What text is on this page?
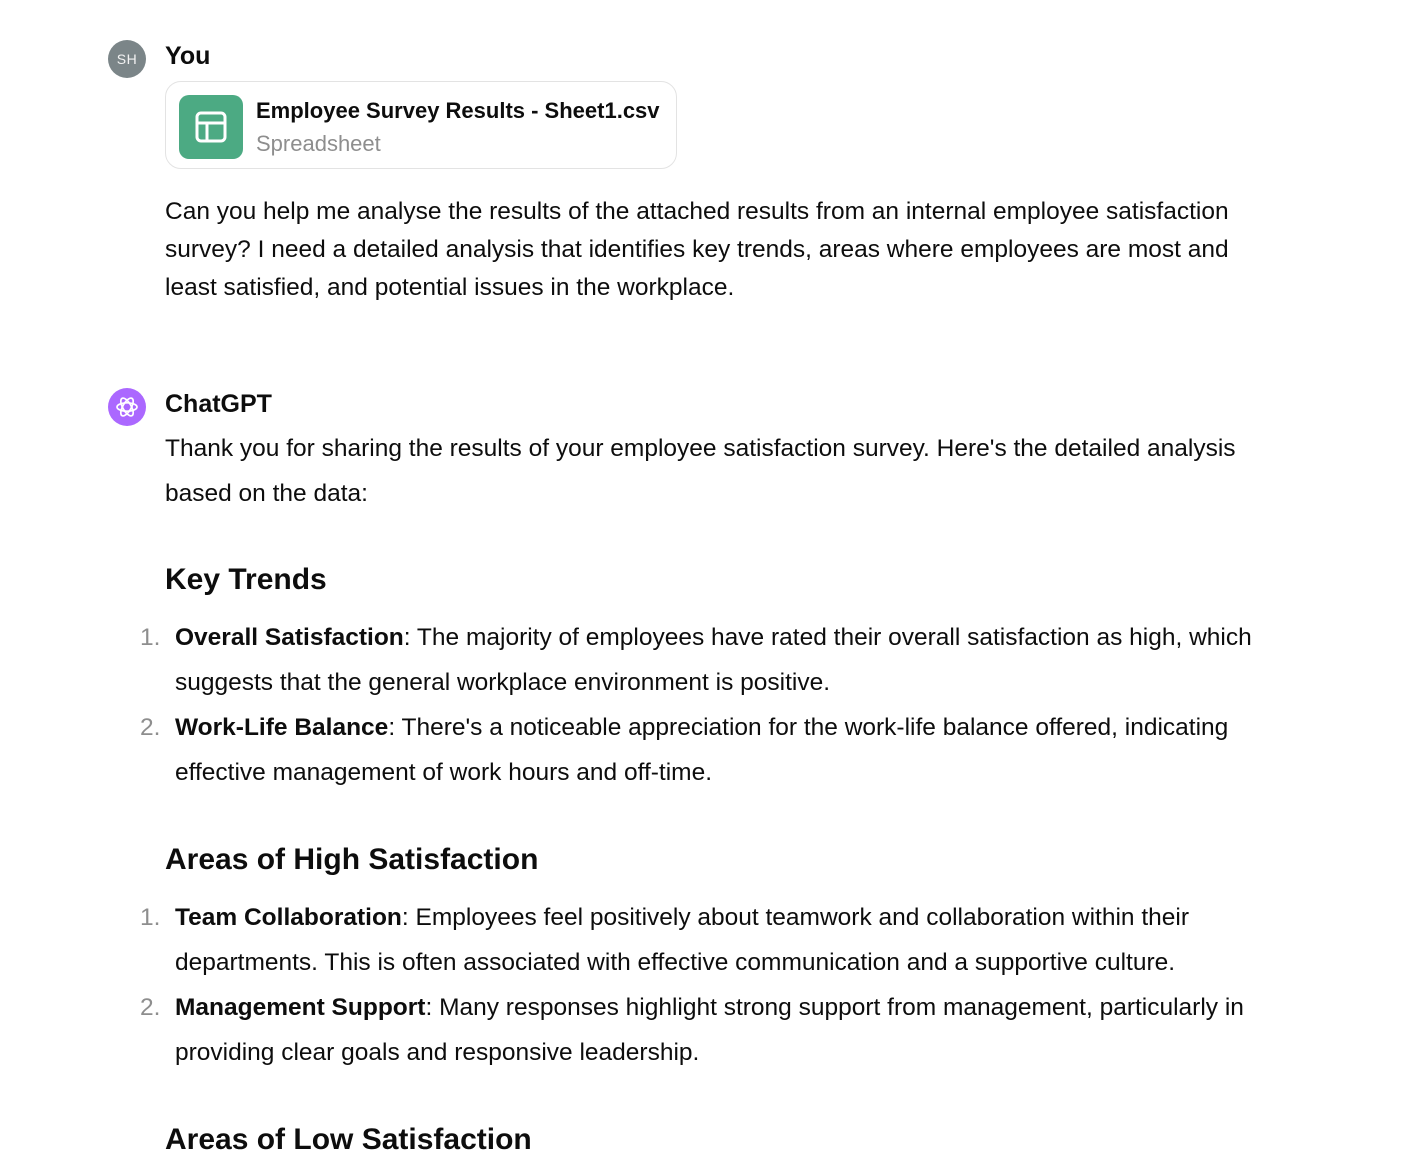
SH You
Employee Survey Results - Sheet1.csv
Spreadsheet

Can you help me analyse the results of the attached results from an internal employee satisfaction survey? I need a detailed analysis that identifies key trends, areas where employees are most and least satisfied, and potential issues in the workplace.

ChatGPT

Thank you for sharing the results of your employee satisfaction survey. Here's the detailed analysis based on the data:

Key Trends
1. Overall Satisfaction: The majority of employees have rated their overall satisfaction as high, which suggests that the general workplace environment is positive.
2. Work-Life Balance: There's a noticeable appreciation for the work-life balance offered, indicating effective management of work hours and off-time.
Areas of High Satisfaction
1. Team Collaboration: Employees feel positively about teamwork and collaboration within their departments. This is often associated with effective communication and a supportive culture.
2. Management Support: Many responses highlight strong support from management, particularly in providing clear goals and responsive leadership.
Areas of Low Satisfaction
